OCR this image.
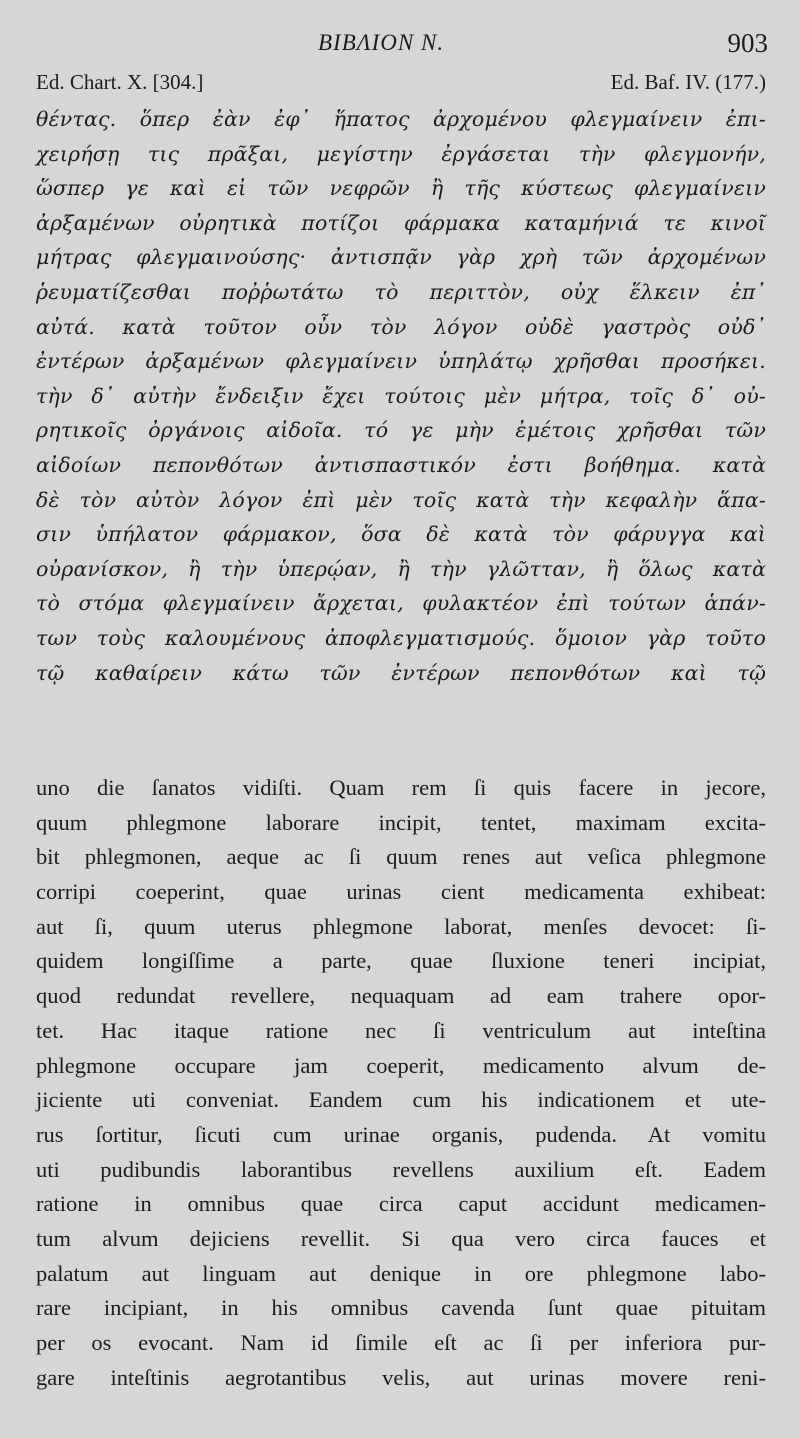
ΒΙΒΛΙΟΝ Ν.	903
Ed. Chart. X. [304.]	Ed. Baf. IV. (177.)
θέντας. ὅπερ ἐὰν ἐφ᾽ ἥπατος ἀρχομένου φλεγμαίνειν ἐπι-
χειρήσῃ τις πρᾶξαι, μεγίστην ἐργάσεται τὴν φλεγμονήν,
ὥσπερ γε καὶ εἰ τῶν νεφρῶν ἢ τῆς κύστεως φλεγμαίνειν
ἀρξαμένων οὐρητικὰ ποτίζοι φάρμακα καταμήνιά τε κινοῖ
μήτρας φλεγμαινούσης· ἀντισπᾷν γὰρ χρὴ τῶν ἀρχομένων
ῥευματίζεσθαι ποῤῥωτάτω τὸ περιττὸν, οὐχ ἕλκειν ἐπ᾽
αὐτά. κατὰ τοῦτον οὖν τὸν λόγον οὐδὲ γαστρὸς οὐδ᾽
ἐντέρων ἀρξαμένων φλεγμαίνειν ὑπηλάτῳ χρῆσθαι προσήκει.
τὴν δ᾽ αὐτὴν ἔνδειξιν ἔχει τούτοις μὲν μήτρα, τοῖς δ᾽ οὐ-
ρητικοῖς ὀργάνοις αἰδοῖα. τό γε μὴν ἐμέτοις χρῆσθαι τῶν
αἰδοίων πεπονθότων ἀντισπαστικόν ἐστι βοήθημα. κατὰ
δὲ τὸν αὐτὸν λόγον ἐπὶ μὲν τοῖς κατὰ τὴν κεφαλὴν ἅπα-
σιν ὑπήλατον φάρμακον, ὅσα δὲ κατὰ τὸν φάρυγγα καὶ
οὐρανίσκον, ἢ τὴν ὑπερῴαν, ἢ τὴν γλῶτταν, ἢ ὅλως κατὰ
τὸ στόμα φλεγμαίνειν ἄρχεται, φυλακτέον ἐπὶ τούτων ἁπάν-
των τοὺς καλουμένους ἀποφλεγματισμούς. ὅμοιον γὰρ τοῦτο
τῷ καθαίρειν κάτω τῶν ἐντέρων πεπονθότων καὶ τῷ
uno die ſanatos vidiſti. Quam rem ſi quis facere in jecore,
quum phlegmone laborare incipit, tentet, maximam excita-
bit phlegmonen, aeque ac ſi quum renes aut veſica phlegmone
corripi coeperint, quae urinas cient medicamenta exhibeat:
aut ſi, quum uterus phlegmone laborat, menſes devocet: ſi-
quidem longiſſime a parte, quae ſluxione teneri incipiat,
quod redundat revellere, nequaquam ad eam trahere opor-
tet. Hac itaque ratione nec ſi ventriculum aut inteſtina
phlegmone occupare jam coeperit, medicamento alvum de-
jiciente uti conveniat. Eandem cum his indicationem et ute-
rus ſortitur, ſicuti cum urinae organis, pudenda. At vomitu
uti pudibundis laborantibus revellens auxilium eſt. Eadem
ratione in omnibus quae circa caput accidunt medicamen-
tum alvum dejiciens revellit. Si qua vero circa fauces et
palatum aut linguam aut denique in ore phlegmone labo-
rare incipiant, in his omnibus cavenda ſunt quae pituitam
per os evocant. Nam id ſimile eſt ac ſi per inferiora pur-
gare inteſtinis aegrotantibus velis, aut urinas movere reni-
